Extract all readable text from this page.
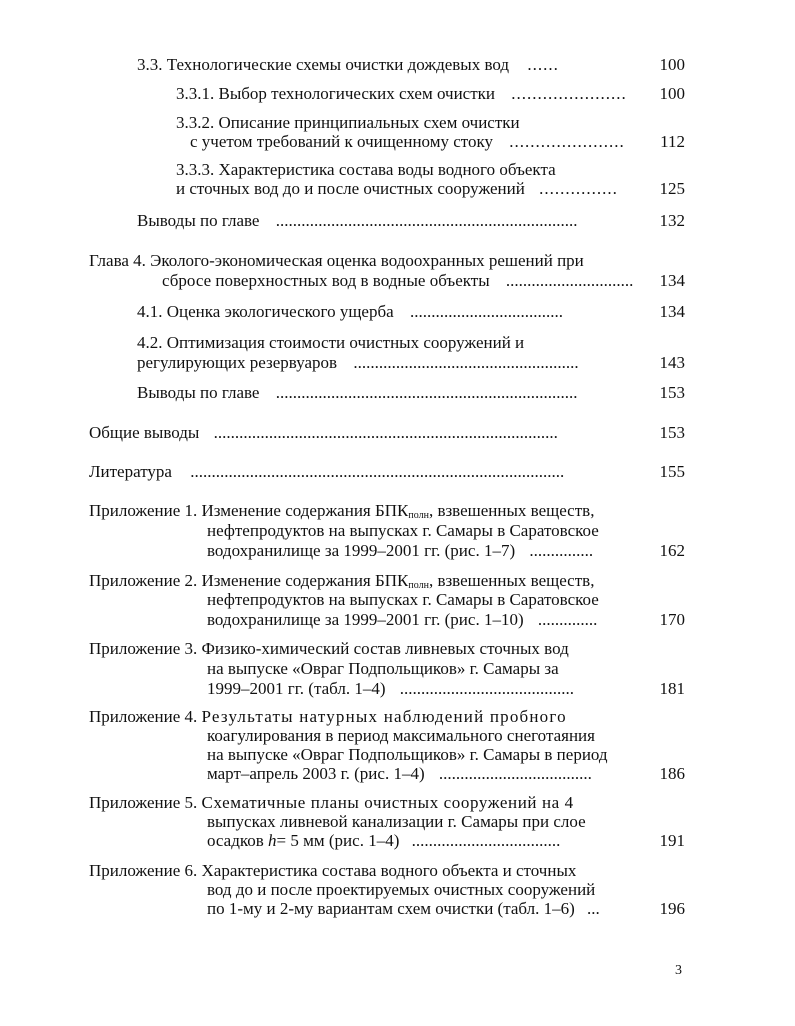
3.3. Технологические схемы очистки дождевых вод ......	100
3.3.1. Выбор технологических схем очистки ......................	100
3.3.2. Описание принципиальных схем очистки
с учетом требований к очищенному стоку ......................	112
3.3.3. Характеристика состава воды водного объекта
и сточных вод до и после очистных сооружений ...............	125
Выводы по главе .......................................................................	132
Глава 4. Эколого-экономическая оценка водоохранных решений при
сбросе поверхностных вод в водные объекты ..............................	134
4.1. Оценка экологического ущерба ....................................	134
4.2. Оптимизация стоимости очистных сооружений и
регулирующих резервуаров .....................................................	143
Выводы по главе .......................................................................	153
Общие выводы .................................................................................	153
Литература ........................................................................................	155
Приложение 1. Изменение содержания $БПК_{полн}$, взвешенных веществ,
нефтепродуктов на выпусках г. Самары в Саратовское
водохранилище за 1999–2001 гг. (рис. 1–7) ...............	162
Приложение 2. Изменение содержания $БПК_{полн}$, взвешенных веществ,
нефтепродуктов на выпусках г. Самары в Саратовское
водохранилище за 1999–2001 гг. (рис. 1–10) ..............	170
Приложение 3. Физико-химический состав ливневых сточных вод
на выпуске «Овраг Подпольщиков» г. Самары за
1999–2001 гг. (табл. 1–4) .........................................	181
Приложение 4. Результаты натурных наблюдений пробного
коагулирования в период максимального снеготаяния
на выпуске «Овраг Подпольщиков» г. Самары в период
март–апрель 2003 г. (рис. 1–4) ....................................	186
Приложение 5. Схематичные планы очистных сооружений на 4
выпусках ливневой канализации г. Самары при слое
осадков h= 5 мм (рис. 1–4) ...................................	191
Приложение 6. Характеристика состава водного объекта и сточных
вод до и после проектируемых очистных сооружений
по 1-му и 2-му вариантам схем очистки (табл. 1–6) ...	196
3
